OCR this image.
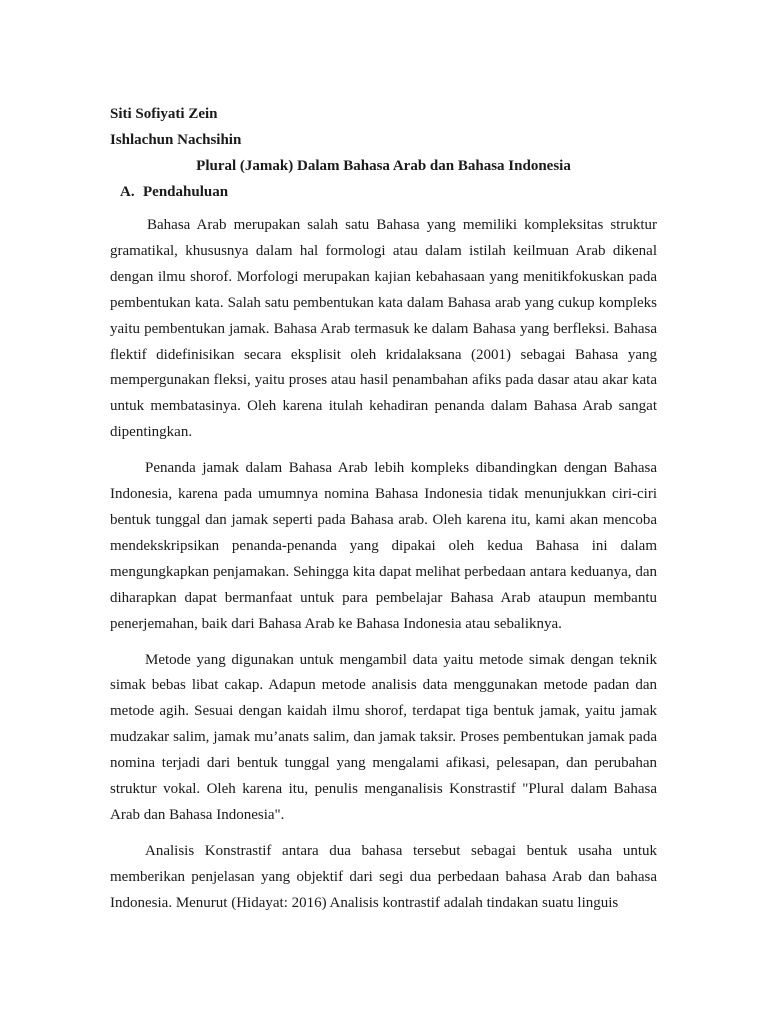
Siti Sofiyati Zein
Ishlachun Nachsihin
Plural (Jamak) Dalam Bahasa Arab dan Bahasa Indonesia
A. Pendahuluan

Bahasa Arab merupakan salah satu Bahasa yang memiliki kompleksitas struktur gramatikal, khususnya dalam hal formologi atau dalam istilah keilmuan Arab dikenal dengan ilmu shorof. Morfologi merupakan kajian kebahasaan yang menitikfokuskan pada pembentukan kata. Salah satu pembentukan kata dalam Bahasa arab yang cukup kompleks yaitu pembentukan jamak. Bahasa Arab termasuk ke dalam Bahasa yang berfleksi. Bahasa flektif didefinisikan secara eksplisit oleh kridalaksana (2001) sebagai Bahasa yang mempergunakan fleksi, yaitu proses atau hasil penambahan afiks pada dasar atau akar kata untuk membatasinya. Oleh karena itulah kehadiran penanda dalam Bahasa Arab sangat dipentingkan.

Penanda jamak dalam Bahasa Arab lebih kompleks dibandingkan dengan Bahasa Indonesia, karena pada umumnya nomina Bahasa Indonesia tidak menunjukkan ciri-ciri bentuk tunggal dan jamak seperti pada Bahasa arab. Oleh karena itu, kami akan mencoba mendekskripsikan penanda-penanda yang dipakai oleh kedua Bahasa ini dalam mengungkapkan penjamakan. Sehingga kita dapat melihat perbedaan antara keduanya, dan diharapkan dapat bermanfaat untuk para pembelajar Bahasa Arab ataupun membantu penerjemahan, baik dari Bahasa Arab ke Bahasa Indonesia atau sebaliknya.

Metode yang digunakan untuk mengambil data yaitu metode simak dengan teknik simak bebas libat cakap. Adapun metode analisis data menggunakan metode padan dan metode agih. Sesuai dengan kaidah ilmu shorof, terdapat tiga bentuk jamak, yaitu jamak mudzakar salim, jamak mu’anats salim, dan jamak taksir. Proses pembentukan jamak pada nomina terjadi dari bentuk tunggal yang mengalami afikasi, pelesapan, dan perubahan struktur vokal. Oleh karena itu, penulis menganalisis Konstrastif "Plural dalam Bahasa Arab dan Bahasa Indonesia".

Analisis Konstrastif antara dua bahasa tersebut sebagai bentuk usaha untuk memberikan penjelasan yang objektif dari segi dua perbedaan bahasa Arab dan bahasa Indonesia. Menurut (Hidayat: 2016) Analisis kontrastif adalah tindakan suatu linguis
